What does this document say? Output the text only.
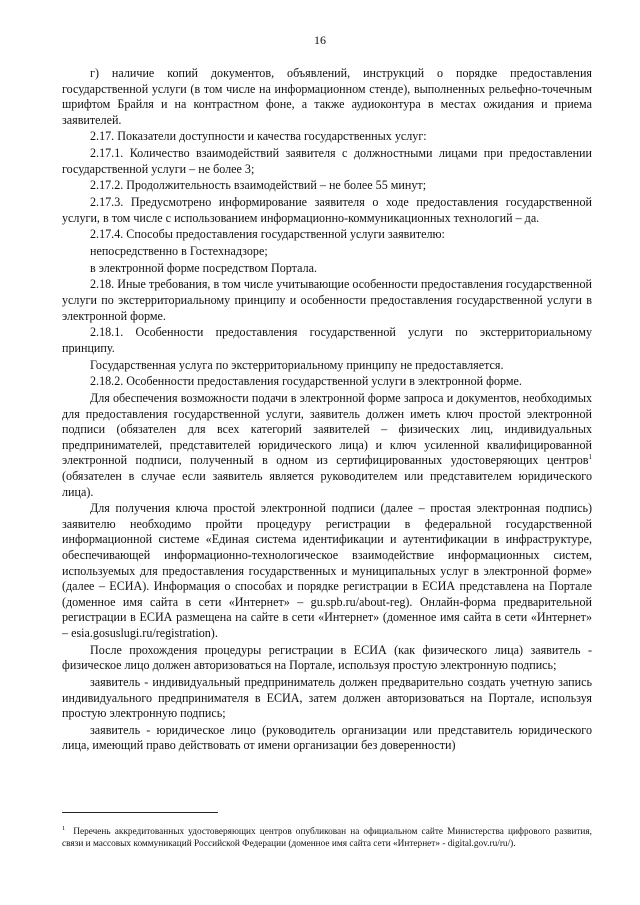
16

г) наличие копий документов, объявлений, инструкций о порядке предоставления государственной услуги (в том числе на информационном стенде), выполненных рельефно-точечным шрифтом Брайля и на контрастном фоне, а также аудиоконтура в местах ожидания и приема заявителей.

2.17. Показатели доступности и качества государственных услуг:

2.17.1. Количество взаимодействий заявителя с должностными лицами при предоставлении государственной услуги – не более 3;

2.17.2. Продолжительность взаимодействий – не более 55 минут;

2.17.3. Предусмотрено информирование заявителя о ходе предоставления государственной услуги, в том числе с использованием информационно-коммуникационных технологий – да.

2.17.4. Способы предоставления государственной услуги заявителю:

непосредственно в Гостехнадзоре;

в электронной форме посредством Портала.

2.18. Иные требования, в том числе учитывающие особенности предоставления государственной услуги по экстерриториальному принципу и особенности предоставления государственной услуги в электронной форме.

2.18.1. Особенности предоставления государственной услуги по экстерриториальному принципу.

Государственная услуга по экстерриториальному принципу не предоставляется.

2.18.2. Особенности предоставления государственной услуги в электронной форме.

Для обеспечения возможности подачи в электронной форме запроса и документов, необходимых для предоставления государственной услуги, заявитель должен иметь ключ простой электронной подписи (обязателен для всех категорий заявителей – физических лиц, индивидуальных предпринимателей, представителей юридического лица) и ключ усиленной квалифицированной электронной подписи, полученный в одном из сертифицированных удостоверяющих центров$^1$ (обязателен в случае если заявитель является руководителем или представителем юридического лица).

Для получения ключа простой электронной подписи (далее – простая электронная подпись) заявителю необходимо пройти процедуру регистрации в федеральной государственной информационной системе «Единая система идентификации и аутентификации в инфраструктуре, обеспечивающей информационно-технологическое взаимодействие информационных систем, используемых для предоставления государственных и муниципальных услуг в электронной форме» (далее – ЕСИА). Информация о способах и порядке регистрации в ЕСИА представлена на Портале (доменное имя сайта в сети «Интернет» – gu.spb.ru/about-reg). Онлайн-форма предварительной регистрации в ЕСИА размещена на сайте в сети «Интернет» (доменное имя сайта в сети «Интернет» – esia.gosuslugi.ru/registration).

После прохождения процедуры регистрации в ЕСИА (как физического лица) заявитель - физическое лицо должен авторизоваться на Портале, используя простую электронную подпись;

заявитель - индивидуальный предприниматель должен предварительно создать учетную запись индивидуального предпринимателя в ЕСИА, затем должен авторизоваться на Портале, используя простую электронную подпись;

заявитель - юридическое лицо (руководитель организации или представитель юридического лица, имеющий право действовать от имени организации без доверенности)

$^1$ Перечень аккредитованных удостоверяющих центров опубликован на официальном сайте Министерства цифрового развития, связи и массовых коммуникаций Российской Федерации (доменное имя сайта сети «Интернет» - digital.gov.ru/ru/).
